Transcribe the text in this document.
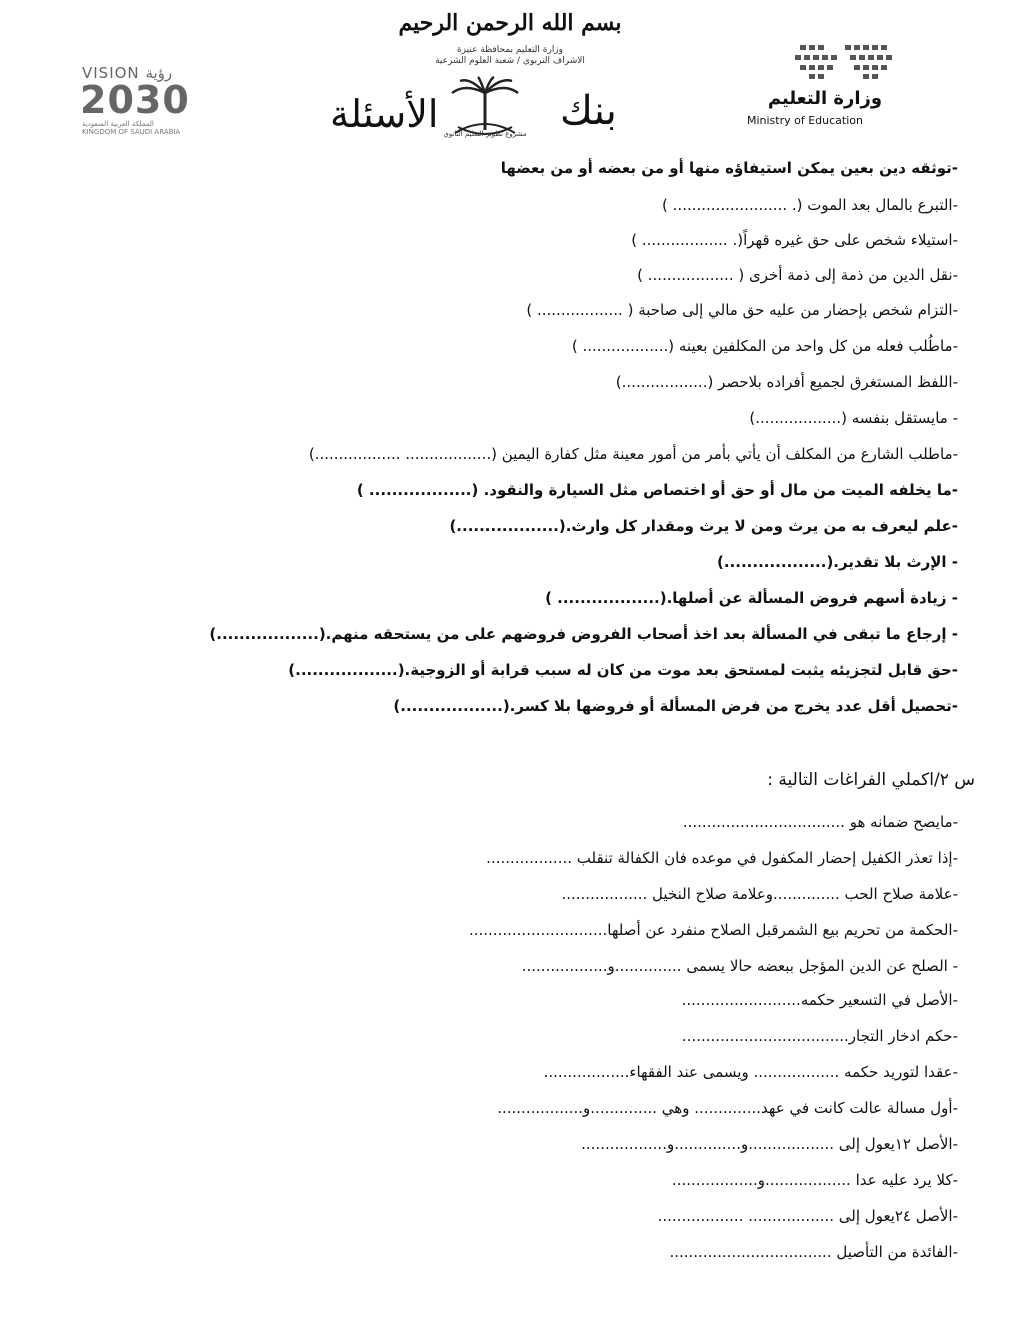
بسم الله الرحمن الرحيم
وزارة التعليم بمحافظة عنيزة
الاشراف التربوي / شعبة العلوم الشرعية
بنك
مشروع تطوير التعليم الثانوي
الأسئلة	وزارة التعليم
Ministry of Education
VISION رؤية
2030
المملكة العربية السعودية
KINGDOM OF SAUDI ARABIA
-توثقه دين بعين يمكن استيفاؤه منها أو من بعضه أو من بعضها
-التبرع بالمال بعد الموت (. ........................ )
-استيلاء شخص على حق غيره قهراً(. .................. )
-نقل الدين من ذمة إلى ذمة أخرى ( .................. )
-التزام شخص بإحضار من عليه حق مالي إلى صاحبة ( .................. )
-ماطُلب فعله من كل واحد من المكلفين بعينه (.................. )
-اللفظ المستغرق لجميع أفراده بلاحصر (..................)
- مايستقل بنفسه (..................)
-ماطلب الشارع من المكلف أن يأتي بأمر من أمور معينة مثل كفارة اليمين (.................. ..................)
-ما يخلفه الميت من مال أو حق أو اختصاص مثل السيارة والنقود. (.................. )
-علم ليعرف به من يرث ومن لا يرث ومقدار كل وارث.(..................)
- الإرث بلا تقدير.(..................)
- زيادة أسهم فروض المسألة عن أصلها.(.................. )
- إرجاع ما تبقى في المسألة بعد اخذ أصحاب الفروض فروضهم على من يستحقه منهم.(..................)
-حق قابل لتجزيئه يثبت لمستحق بعد موت من كان له سبب قرابة أو الزوجية.(..................)
-تحصيل أقل عدد يخرج من فرض المسألة أو فروضها بلا كسر.(..................)
س ٢/اكملي الفراغات التالية :
-مايصح ضمانه هو ..................................
-إذا تعذر الكفيل إحضار المكفول في موعده فان الكفالة تنقلب ..................
-علامة صلاح الحب ..............وعلامة صلاح النخيل ..................
-الحكمة من تحريم بيع الشمرقبل الصلاح منفرد عن أصلها.............................
- الصلح عن الدين المؤجل ببعضه حالا يسمى ..............و..................
-الأصل في التسعير حكمه.........................
-حكم ادخار التجار...................................
-عقدا لتوريد حكمه .................. ويسمى عند الفقهاء..................
-أول مسالة عالت كانت في عهد.............. وهي ..............و..................
-الأصل ١٢يعول إلى ..................و..............و..................
-كلا يرد عليه عدا ..................و..................
-الأصل ٢٤يعول إلى .................. ..................
-الفائدة من التأصيل ..................................
